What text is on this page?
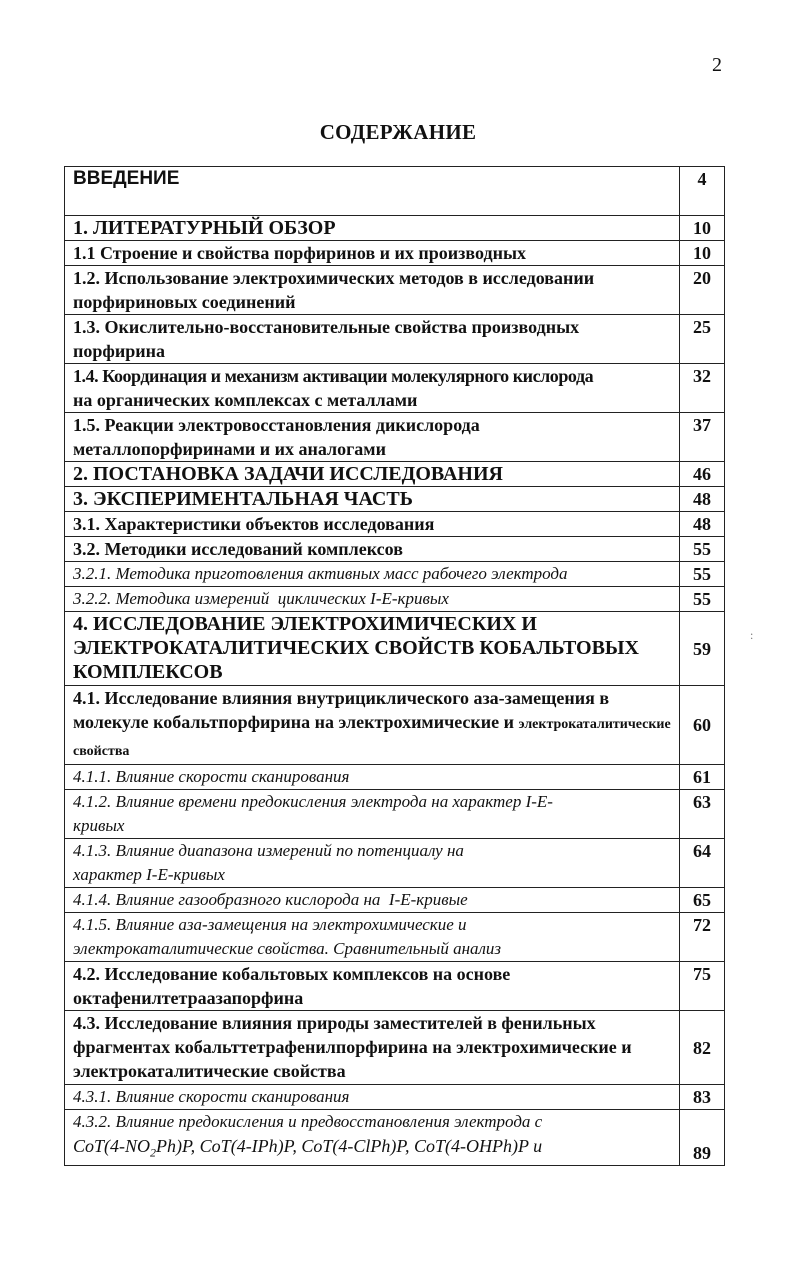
2
СОДЕРЖАНИЕ
:
ВВЕДЕНИЕ	4
1. ЛИТЕРАТУРНЫЙ ОБЗОР	10
1.1 Строение и свойства порфиринов и их производных	10
1.2. Использование электрохимических методов в исследовании порфириновых соединений	20
1.3. Окислительно-восстановительные свойства производных порфирина	25

1.4. Координация и механизм активации молекулярного кислорода
на органических комплексах с металлами	32
1.5. Реакции электровосстановления дикислорода металлопорфиринами и их аналогами	37
2. ПОСТАНОВКА ЗАДАЧИ ИССЛЕДОВАНИЯ	46
3. ЭКСПЕРИМЕНТАЛЬНАЯ ЧАСТЬ	48
3.1. Характеристики объектов исследования	48
3.2. Методики исследований комплексов	55
3.2.1. Методика приготовления активных масс рабочего электрода	55
3.2.2. Методика измерений  циклических I-E-кривых	55
4. ИССЛЕДОВАНИЕ ЭЛЕКТРОХИМИЧЕСКИХ И ЭЛЕКТРОКАТАЛИТИЧЕСКИХ СВОЙСТВ КОБАЛЬТОВЫХ КОМПЛЕКСОВ	59
4.1. Исследование влияния внутрициклического аза-замещения в молекуле кобальтпорфирина на электрохимические и электрокаталитические свойства	60
4.1.1. Влияние скорости сканирования	61
4.1.2. Влияние времени предокисления электрода на характер I-E-кривых	63
4.1.3. Влияние диапазона измерений по потенциалу на характер I-E-кривых	64
4.1.4. Влияние газообразного кислорода на  I-E-кривые	65
4.1.5. Влияние аза-замещения на электрохимические и электрокаталитические свойства. Сравнительный анализ	72
4.2. Исследование кобальтовых комплексов на основе октафенилтетраазапорфина	75
4.3. Исследование влияния природы заместителей в фенильных фрагментах кобальттетрафенилпорфирина на электрохимические и электрокаталитические свойства	82
4.3.1. Влияние скорости сканирования	83

4.3.2. Влияние предокисления и предвосстановления электрода с
$CoT(4-NO_2Ph)P$, CoT(4-IPh)P, CoT(4-ClPh)P, CoT(4-OHPh)P и	89
